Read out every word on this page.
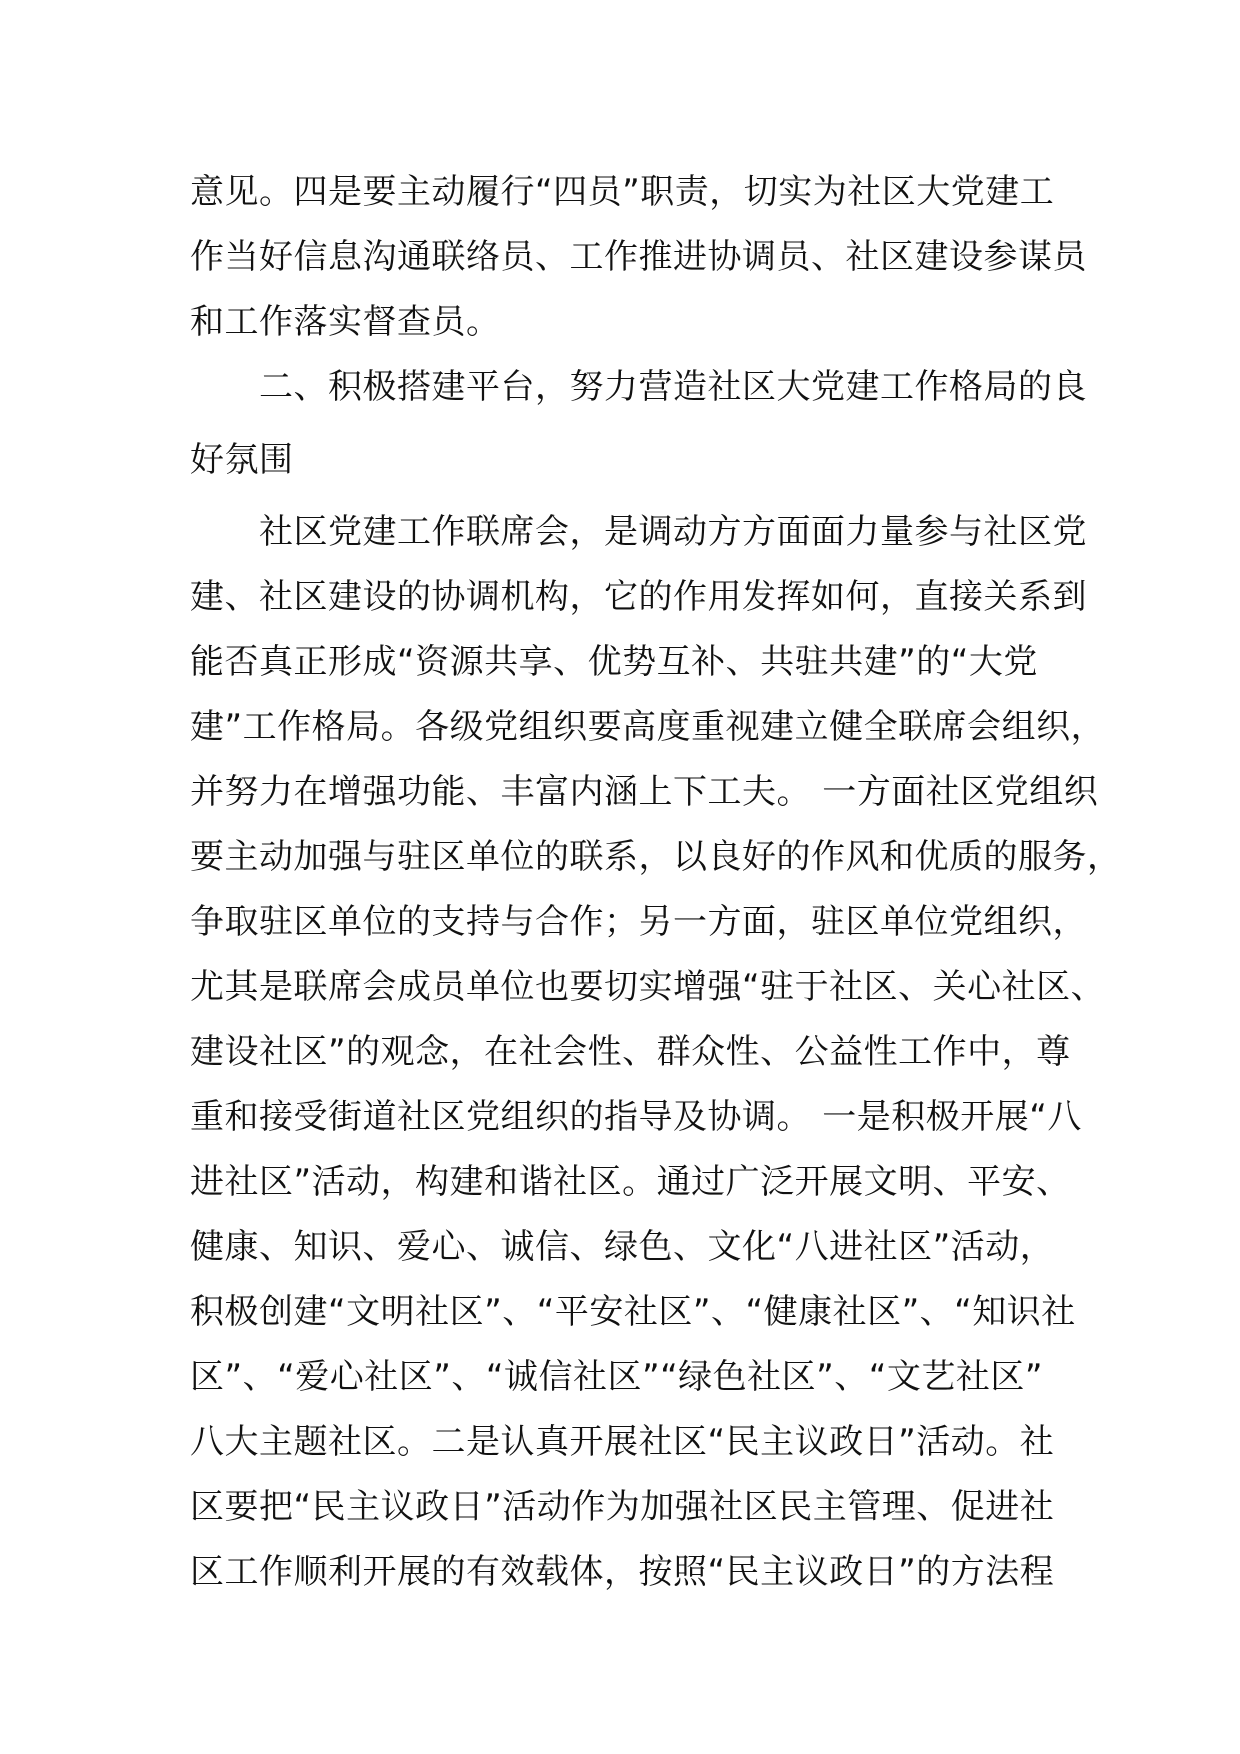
意见。四是要主动履行“四员”职责，切实为社区大党建工
作当好信息沟通联络员、工作推进协调员、社区建设参谋员
和工作落实督查员。
　　二、积极搭建平台，努力营造社区大党建工作格局的良
好氛围
　　社区党建工作联席会，是调动方方面面力量参与社区党
建、社区建设的协调机构，它的作用发挥如何，直接关系到
能否真正形成“资源共享、优势互补、共驻共建”的“大党
建”工作格局。各级党组织要高度重视建立健全联席会组织，
并努力在增强功能、丰富内涵上下工夫。 一方面社区党组织
要主动加强与驻区单位的联系，以良好的作风和优质的服务，
争取驻区单位的支持与合作；另一方面，驻区单位党组织，
尤其是联席会成员单位也要切实增强“驻于社区、关心社区、
建设社区”的观念，在社会性、群众性、公益性工作中，尊
重和接受街道社区党组织的指导及协调。 一是积极开展“八
进社区”活动，构建和谐社区。通过广泛开展文明、平安、
健康、知识、爱心、诚信、绿色、文化“八进社区”活动，
积极创建“文明社区”、“平安社区”、“健康社区”、“知识社
区”、“爱心社区”、“诚信社区”“绿色社区”、“文艺社区”
八大主题社区。二是认真开展社区“民主议政日”活动。社
区要把“民主议政日”活动作为加强社区民主管理、促进社
区工作顺利开展的有效载体，按照“民主议政日”的方法程
